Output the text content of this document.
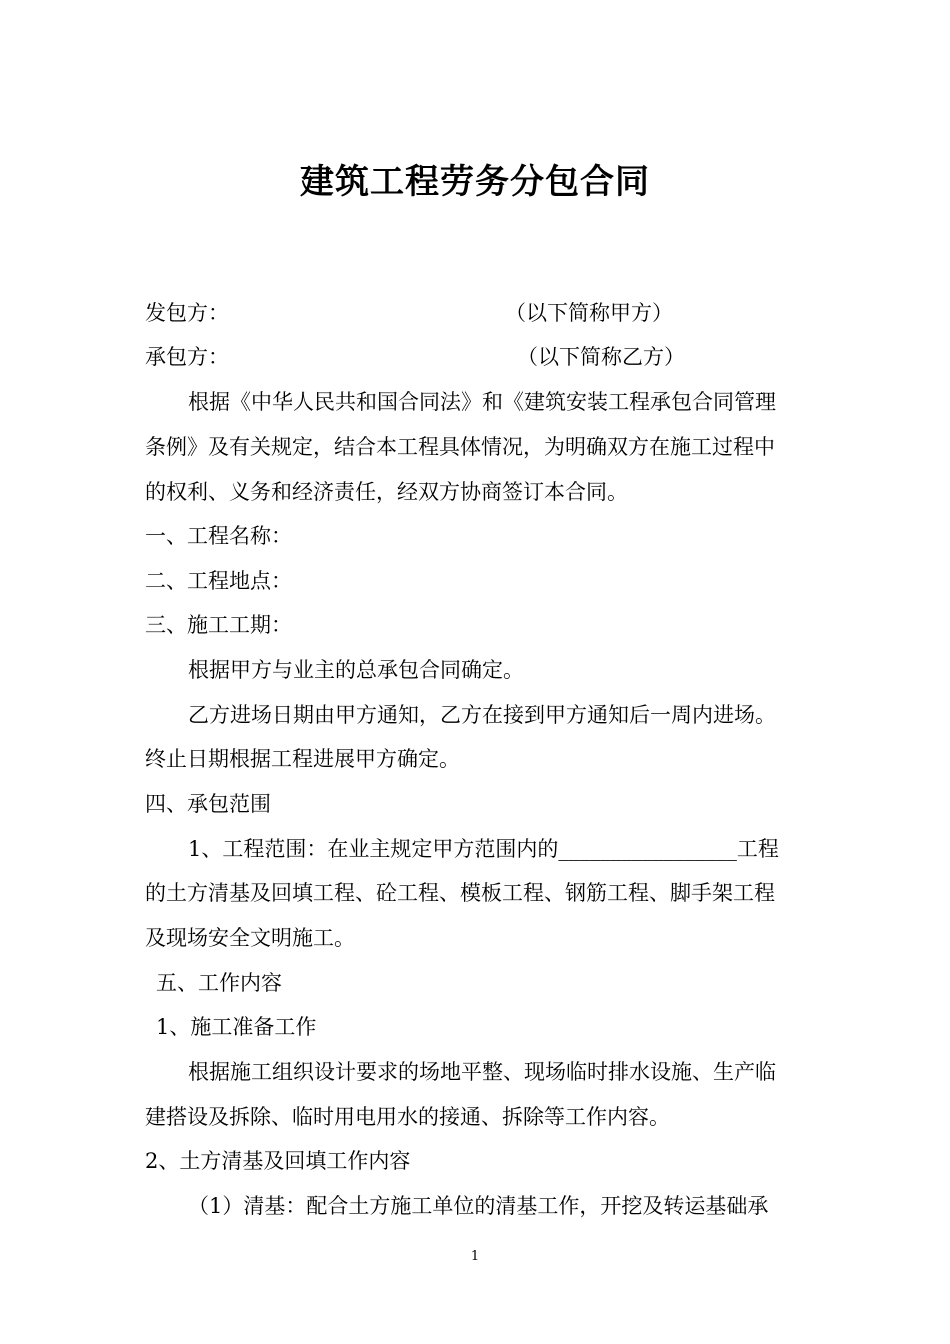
建筑工程劳务分包合同
发包方：	（以下简称甲方）
承包方：	（以下简称乙方）
根据《中华人民共和国合同法》和《建筑安装工程承包合同管理
条例》及有关规定，结合本工程具体情况，为明确双方在施工过程中
的权利、义务和经济责任，经双方协商签订本合同。
一、工程名称：
二、工程地点：
三、施工工期：
根据甲方与业主的总承包合同确定。
乙方进场日期由甲方通知，乙方在接到甲方通知后一周内进场。
终止日期根据工程进展甲方确定。
四、承包范围
1、工程范围：在业主规定甲方范围内的_________________工程
的土方清基及回填工程、砼工程、模板工程、钢筋工程、脚手架工程
及现场安全文明施工。
五、工作内容
1、施工准备工作
根据施工组织设计要求的场地平整、现场临时排水设施、生产临
建搭设及拆除、临时用电用水的接通、拆除等工作内容。
2、土方清基及回填工作内容
（1）清基：配合土方施工单位的清基工作，开挖及转运基础承
1
